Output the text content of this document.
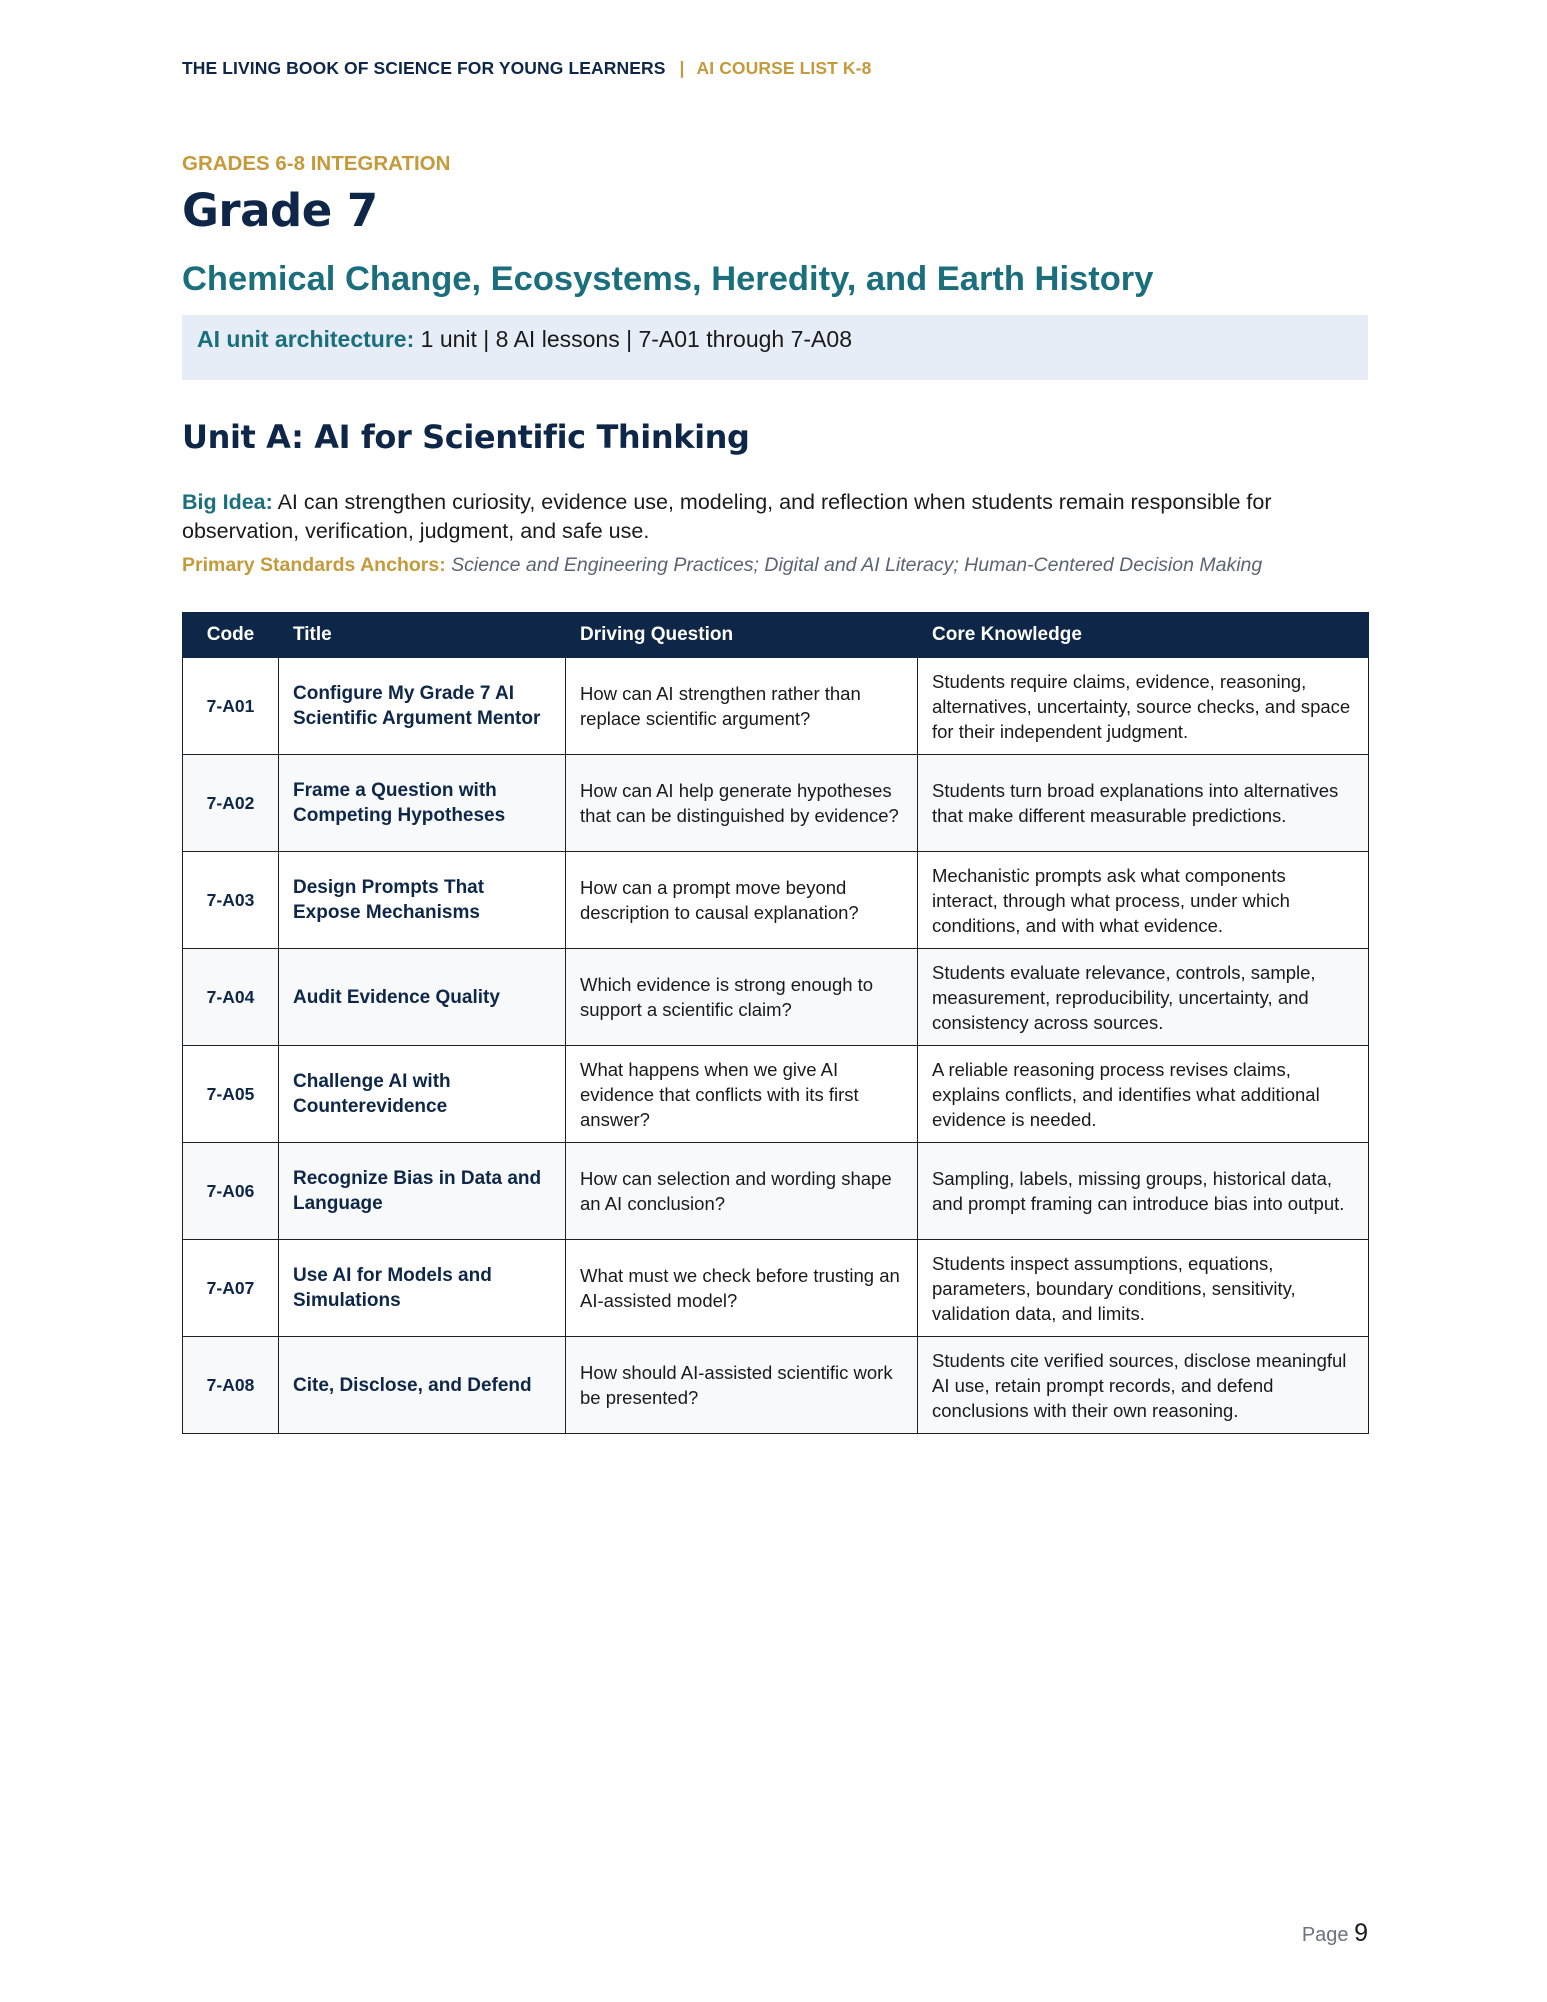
THE LIVING BOOK OF SCIENCE FOR YOUNG LEARNERS | AI COURSE LIST K-8
GRADES 6-8 INTEGRATION
Grade 7
Chemical Change, Ecosystems, Heredity, and Earth History
AI unit architecture: 1 unit | 8 AI lessons | 7-A01 through 7-A08
Unit A: AI for Scientific Thinking
Big Idea: AI can strengthen curiosity, evidence use, modeling, and reflection when students remain responsible for observation, verification, judgment, and safe use.
Primary Standards Anchors: Science and Engineering Practices; Digital and AI Literacy; Human-Centered Decision Making
Code	Title	Driving Question	Core Knowledge
7-A01	Configure My Grade 7 AI Scientific Argument Mentor	How can AI strengthen rather than replace scientific argument?	Students require claims, evidence, reasoning, alternatives, uncertainty, source checks, and space for their independent judgment.
7-A02	Frame a Question with Competing Hypotheses	How can AI help generate hypotheses that can be distinguished by evidence?	Students turn broad explanations into alternatives that make different measurable predictions.
7-A03	Design Prompts That Expose Mechanisms	How can a prompt move beyond description to causal explanation?	Mechanistic prompts ask what components interact, through what process, under which conditions, and with what evidence.
7-A04	Audit Evidence Quality	Which evidence is strong enough to support a scientific claim?	Students evaluate relevance, controls, sample, measurement, reproducibility, uncertainty, and consistency across sources.
7-A05	Challenge AI with Counterevidence	What happens when we give AI evidence that conflicts with its first answer?	A reliable reasoning process revises claims, explains conflicts, and identifies what additional evidence is needed.
7-A06	Recognize Bias in Data and Language	How can selection and wording shape an AI conclusion?	Sampling, labels, missing groups, historical data, and prompt framing can introduce bias into output.
7-A07	Use AI for Models and Simulations	What must we check before trusting an AI-assisted model?	Students inspect assumptions, equations, parameters, boundary conditions, sensitivity, validation data, and limits.
7-A08	Cite, Disclose, and Defend	How should AI-assisted scientific work be presented?	Students cite verified sources, disclose meaningful AI use, retain prompt records, and defend conclusions with their own reasoning.
Page 9
